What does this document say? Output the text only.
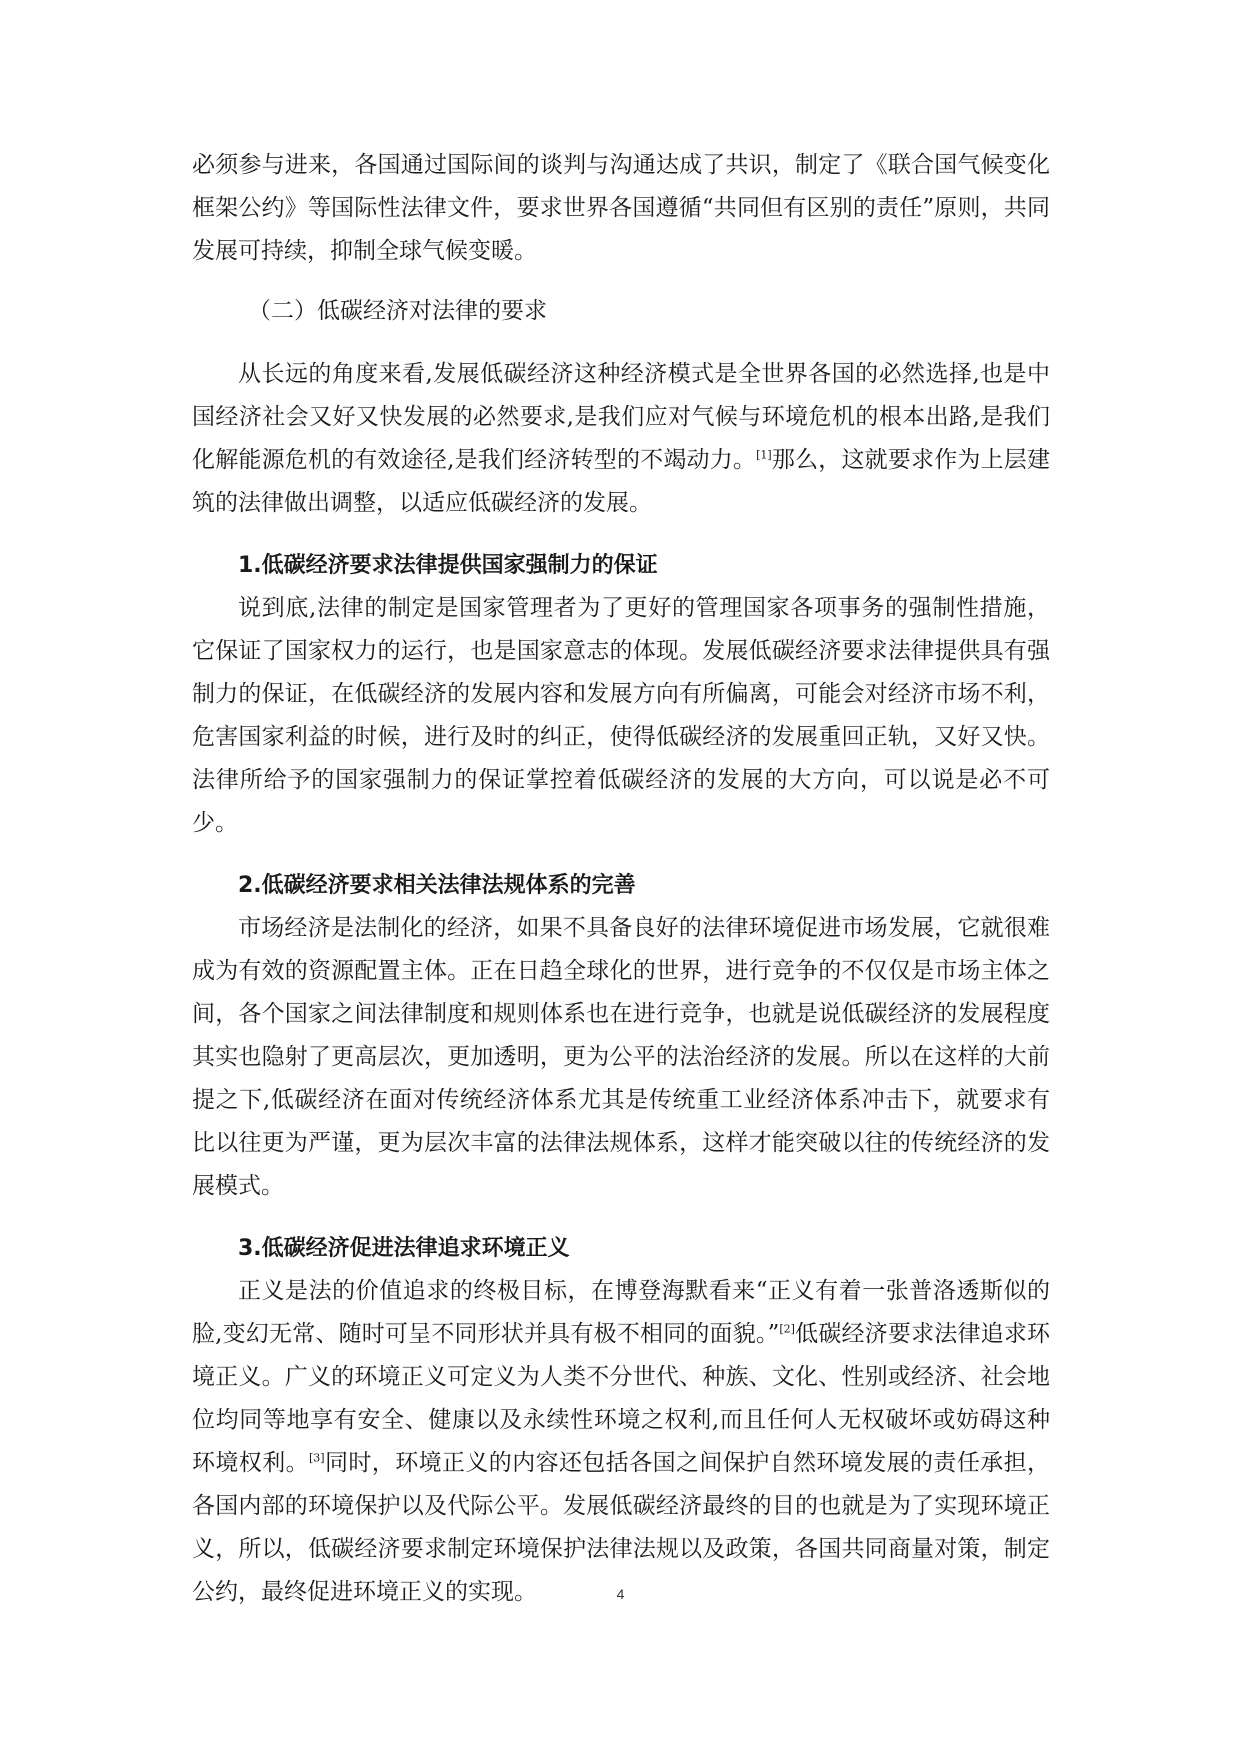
必须参与进来，各国通过国际间的谈判与沟通达成了共识，制定了《联合国气候变化框架公约》等国际性法律文件，要求世界各国遵循“共同但有区别的责任”原则，共同发展可持续，抑制全球气候变暖。

（二）低碳经济对法律的要求

从长远的角度来看,发展低碳经济这种经济模式是全世界各国的必然选择,也是中国经济社会又好又快发展的必然要求,是我们应对气候与环境危机的根本出路,是我们化解能源危机的有效途径,是我们经济转型的不竭动力。[1]那么，这就要求作为上层建筑的法律做出调整，以适应低碳经济的发展。

1.低碳经济要求法律提供国家强制力的保证

说到底,法律的制定是国家管理者为了更好的管理国家各项事务的强制性措施，它保证了国家权力的运行，也是国家意志的体现。发展低碳经济要求法律提供具有强制力的保证，在低碳经济的发展内容和发展方向有所偏离，可能会对经济市场不利，危害国家利益的时候，进行及时的纠正，使得低碳经济的发展重回正轨，又好又快。法律所给予的国家强制力的保证掌控着低碳经济的发展的大方向，可以说是必不可少。

2.低碳经济要求相关法律法规体系的完善

市场经济是法制化的经济，如果不具备良好的法律环境促进市场发展，它就很难成为有效的资源配置主体。正在日趋全球化的世界，进行竞争的不仅仅是市场主体之间，各个国家之间法律制度和规则体系也在进行竞争，也就是说低碳经济的发展程度其实也隐射了更高层次，更加透明，更为公平的法治经济的发展。所以在这样的大前提之下,低碳经济在面对传统经济体系尤其是传统重工业经济体系冲击下，就要求有比以往更为严谨，更为层次丰富的法律法规体系，这样才能突破以往的传统经济的发展模式。

3.低碳经济促进法律追求环境正义

正义是法的价值追求的终极目标，在博登海默看来“正义有着一张普洛透斯似的脸,变幻无常、随时可呈不同形状并具有极不相同的面貌。”[2]低碳经济要求法律追求环境正义。广义的环境正义可定义为人类不分世代、种族、文化、性别或经济、社会地位均同等地享有安全、健康以及永续性环境之权利,而且任何人无权破坏或妨碍这种环境权利。[3]同时，环境正义的内容还包括各国之间保护自然环境发展的责任承担，各国内部的环境保护以及代际公平。发展低碳经济最终的目的也就是为了实现环境正义，所以，低碳经济要求制定环境保护法律法规以及政策，各国共同商量对策，制定公约，最终促进环境正义的实现。	4
